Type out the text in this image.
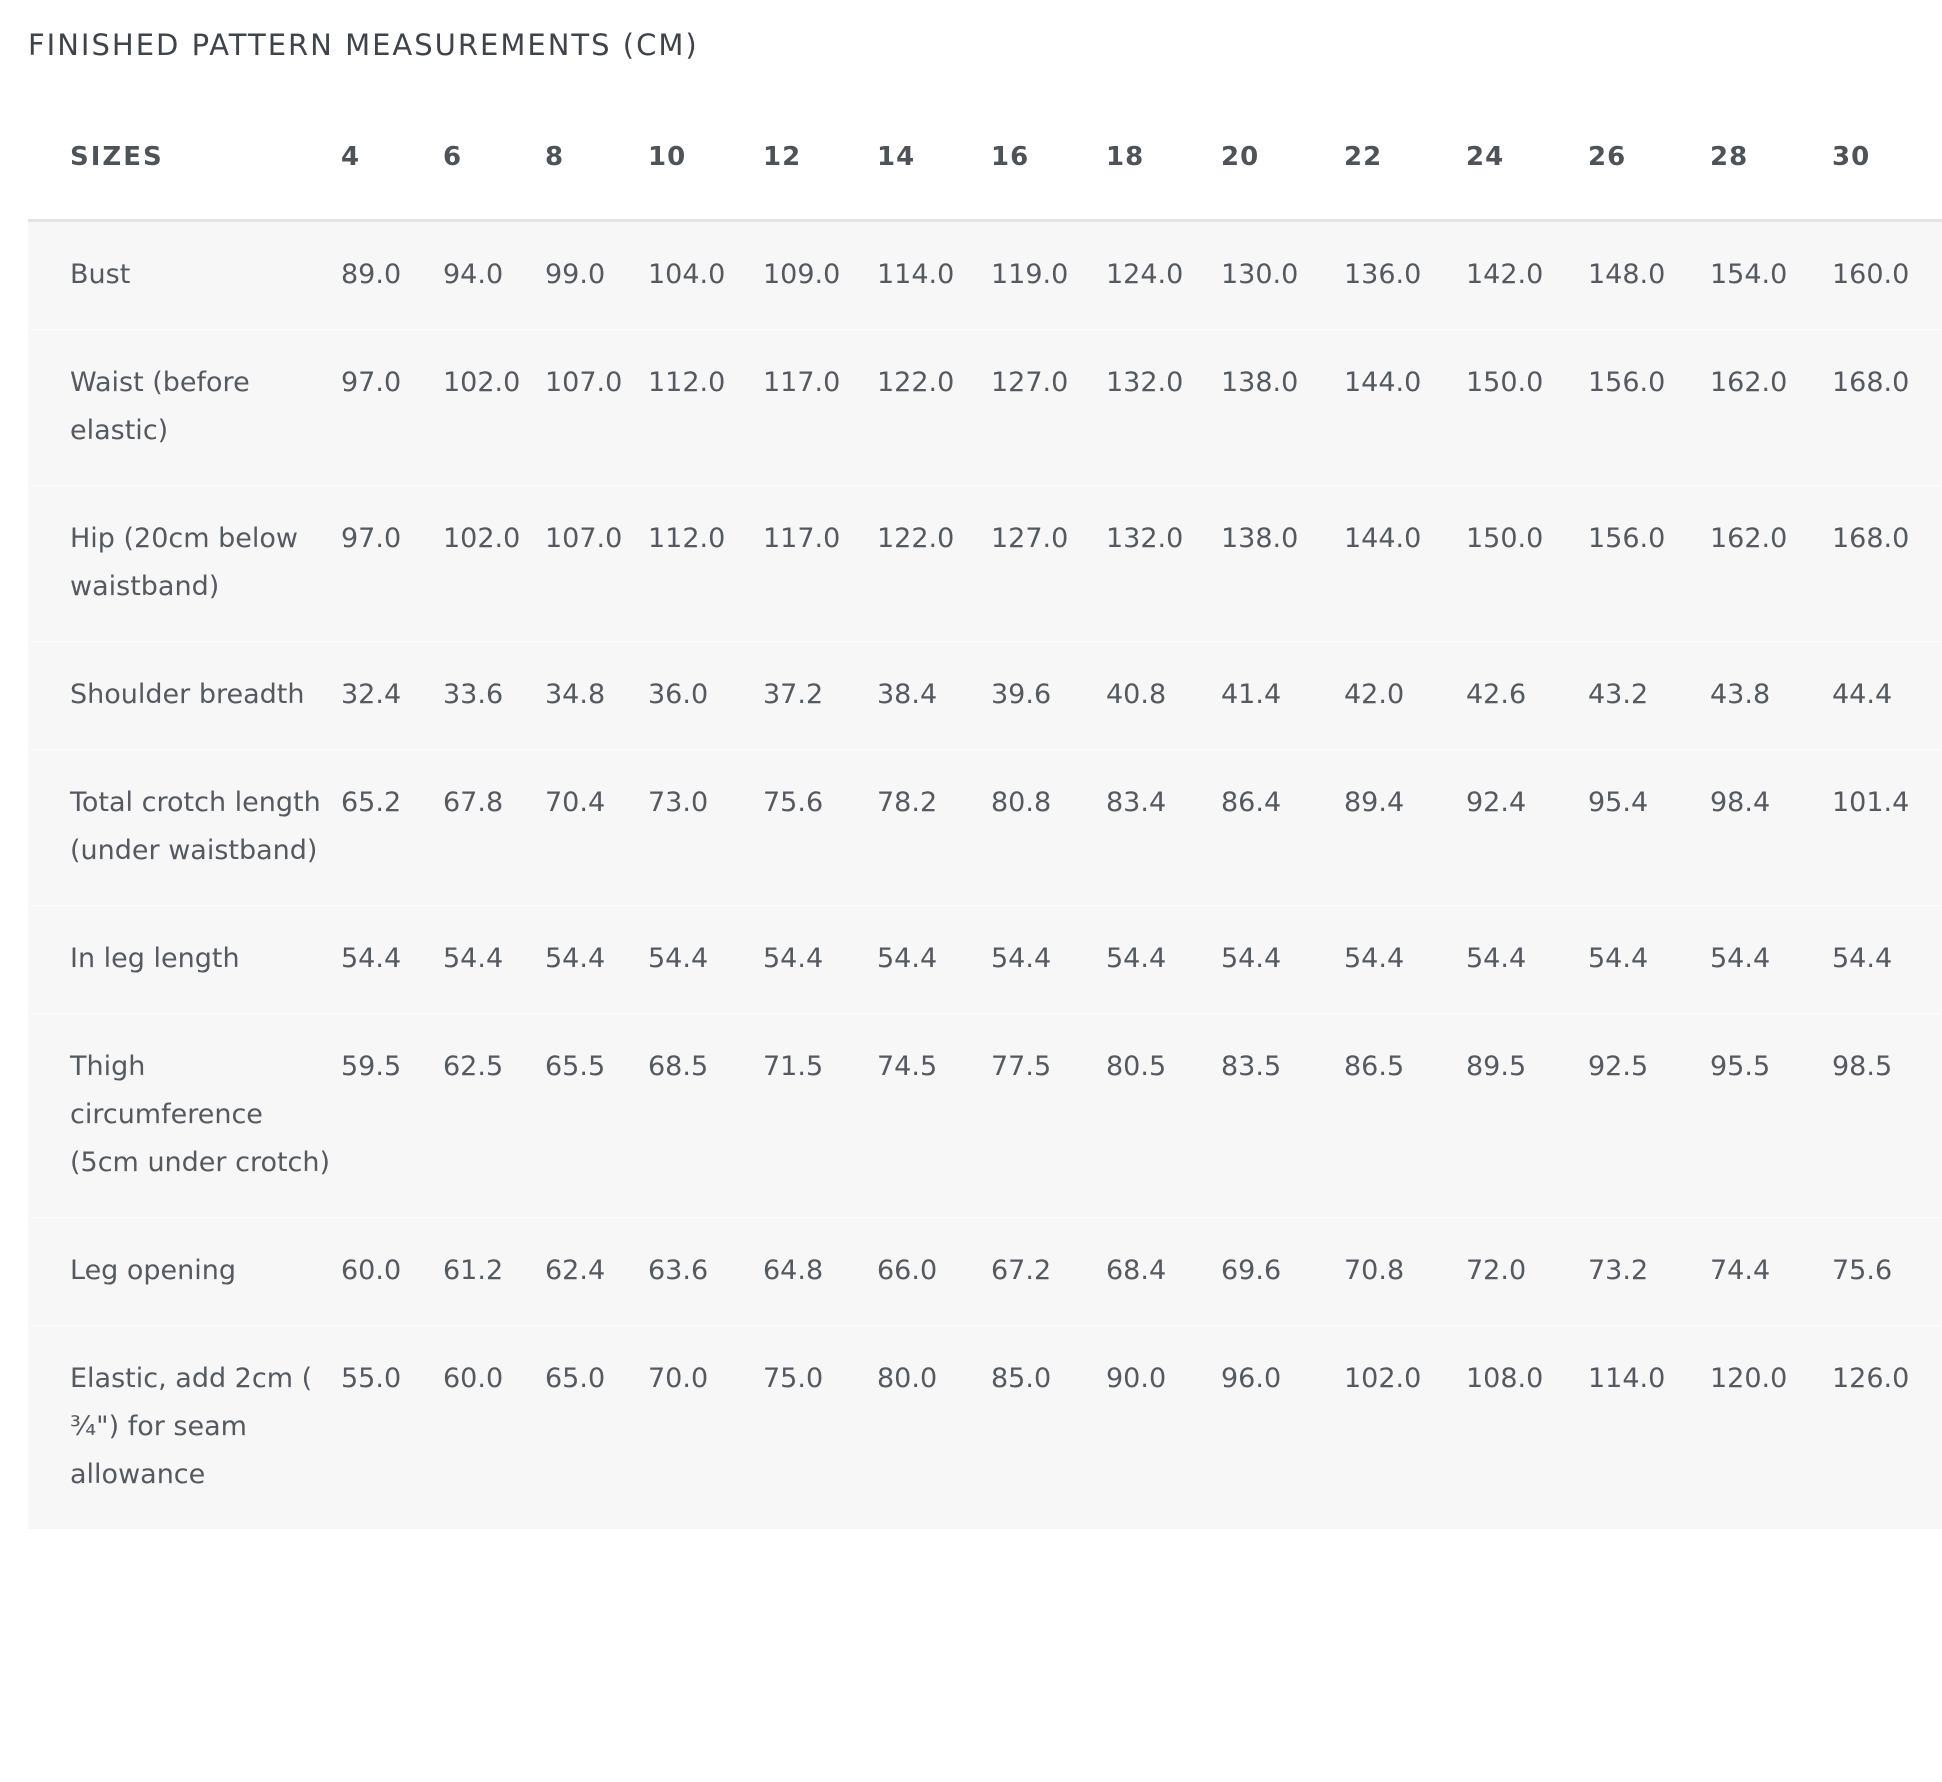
FINISHED PATTERN MEASUREMENTS (CM)
SIZES	4	6	8	10	12	14	16	18	20	22	24	26	28	30
Bust	89.0	94.0	99.0	104.0	109.0	114.0	119.0	124.0	130.0	136.0	142.0	148.0	154.0	160.0
Waist (before elastic)	97.0	102.0	107.0	112.0	117.0	122.0	127.0	132.0	138.0	144.0	150.0	156.0	162.0	168.0
Hip (20cm below waistband)	97.0	102.0	107.0	112.0	117.0	122.0	127.0	132.0	138.0	144.0	150.0	156.0	162.0	168.0
Shoulder breadth	32.4	33.6	34.8	36.0	37.2	38.4	39.6	40.8	41.4	42.0	42.6	43.2	43.8	44.4
Total crotch length (under waistband)	65.2	67.8	70.4	73.0	75.6	78.2	80.8	83.4	86.4	89.4	92.4	95.4	98.4	101.4
In leg length	54.4	54.4	54.4	54.4	54.4	54.4	54.4	54.4	54.4	54.4	54.4	54.4	54.4	54.4
Thigh circumference (5cm under crotch)	59.5	62.5	65.5	68.5	71.5	74.5	77.5	80.5	83.5	86.5	89.5	92.5	95.5	98.5
Leg opening	60.0	61.2	62.4	63.6	64.8	66.0	67.2	68.4	69.6	70.8	72.0	73.2	74.4	75.6
Elastic, add 2cm ( ¾") for seam allowance	55.0	60.0	65.0	70.0	75.0	80.0	85.0	90.0	96.0	102.0	108.0	114.0	120.0	126.0
